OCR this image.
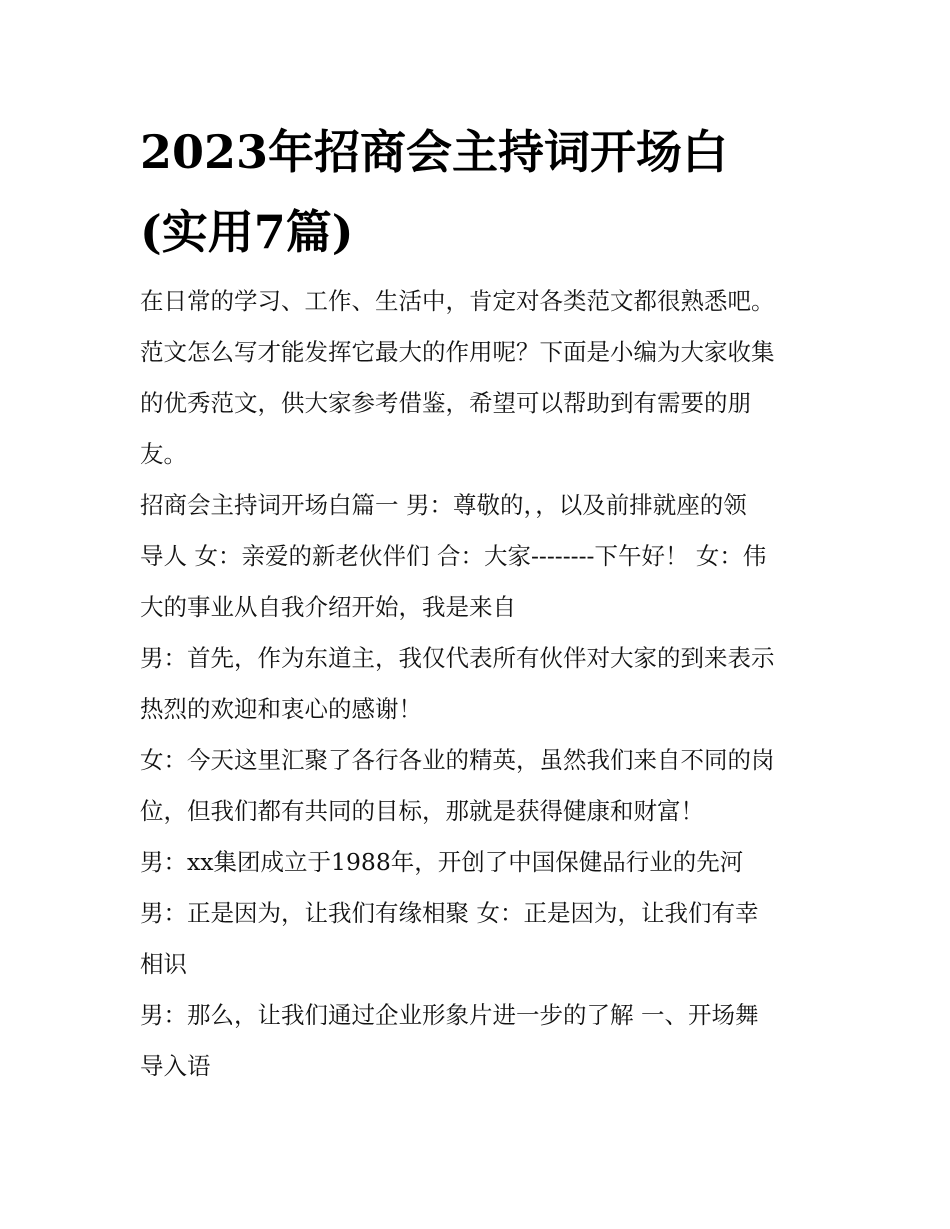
2023年招商会主持词开场白
(实用7篇)
在日常的学习、工作、生活中，肯定对各类范文都很熟悉吧。
范文怎么写才能发挥它最大的作用呢？下面是小编为大家收集
的优秀范文，供大家参考借鉴，希望可以帮助到有需要的朋
友。
招商会主持词开场白篇一 男：尊敬的，，以及前排就座的领
导人 女：亲爱的新老伙伴们 合：大家--------下午好！ 女：伟
大的事业从自我介绍开始，我是来自
男：首先，作为东道主，我仅代表所有伙伴对大家的到来表示
热烈的欢迎和衷心的感谢！
女：今天这里汇聚了各行各业的精英，虽然我们来自不同的岗
位，但我们都有共同的目标，那就是获得健康和财富！
男：xx集团成立于1988年，开创了中国保健品行业的先河
男：正是因为，让我们有缘相聚 女：正是因为，让我们有幸
相识
男：那么，让我们通过企业形象片进一步的了解 一、开场舞
导入语
